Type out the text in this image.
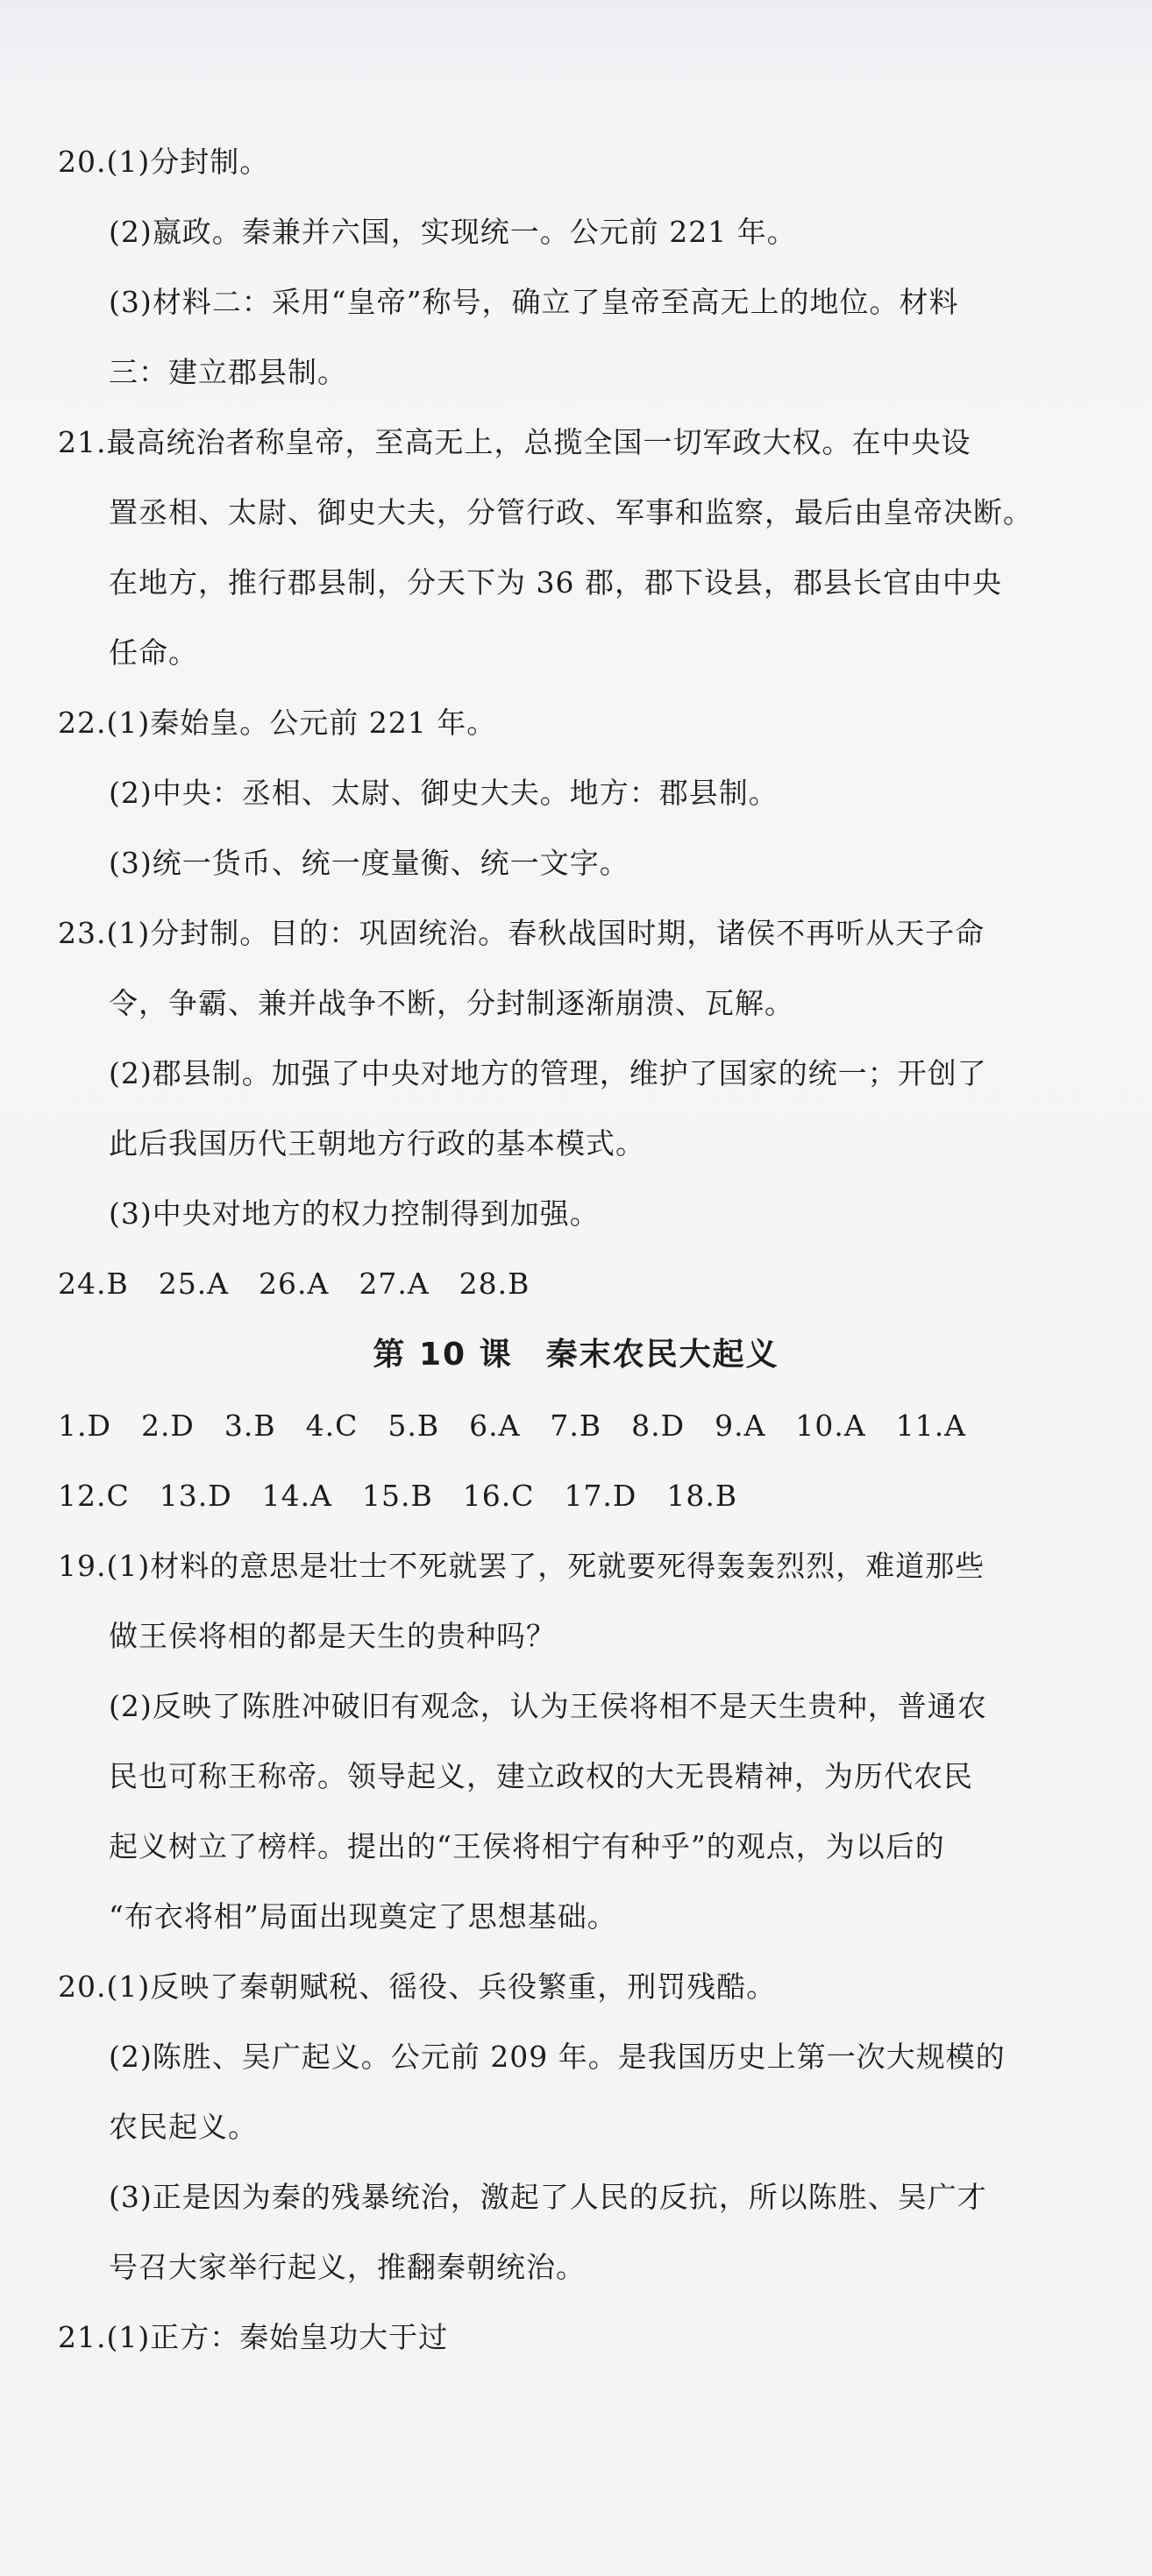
20.(1)分封制。
(2)嬴政。秦兼并六国，实现统一。公元前 221 年。
(3)材料二：采用“皇帝”称号，确立了皇帝至高无上的地位。材料
三：建立郡县制。
21.最高统治者称皇帝，至高无上，总揽全国一切军政大权。在中央设
置丞相、太尉、御史大夫，分管行政、军事和监察，最后由皇帝决断。
在地方，推行郡县制，分天下为 36 郡，郡下设县，郡县长官由中央
任命。
22.(1)秦始皇。公元前 221 年。
(2)中央：丞相、太尉、御史大夫。地方：郡县制。
(3)统一货币、统一度量衡、统一文字。
23.(1)分封制。目的：巩固统治。春秋战国时期，诸侯不再听从天子命
令，争霸、兼并战争不断，分封制逐渐崩溃、瓦解。
(2)郡县制。加强了中央对地方的管理，维护了国家的统一；开创了
此后我国历代王朝地方行政的基本模式。
(3)中央对地方的权力控制得到加强。
24.B　25.A　26.A　27.A　28.B
第 10 课　秦末农民大起义
1.D　2.D　3.B　4.C　5.B　6.A　7.B　8.D　9.A　10.A　11.A
12.C　13.D　14.A　15.B　16.C　17.D　18.B
19.(1)材料的意思是壮士不死就罢了，死就要死得轰轰烈烈，难道那些
做王侯将相的都是天生的贵种吗？
(2)反映了陈胜冲破旧有观念，认为王侯将相不是天生贵种，普通农
民也可称王称帝。领导起义，建立政权的大无畏精神，为历代农民
起义树立了榜样。提出的“王侯将相宁有种乎”的观点，为以后的
“布衣将相”局面出现奠定了思想基础。
20.(1)反映了秦朝赋税、徭役、兵役繁重，刑罚残酷。
(2)陈胜、吴广起义。公元前 209 年。是我国历史上第一次大规模的
农民起义。
(3)正是因为秦的残暴统治，激起了人民的反抗，所以陈胜、吴广才
号召大家举行起义，推翻秦朝统治。
21.(1)正方：秦始皇功大于过
